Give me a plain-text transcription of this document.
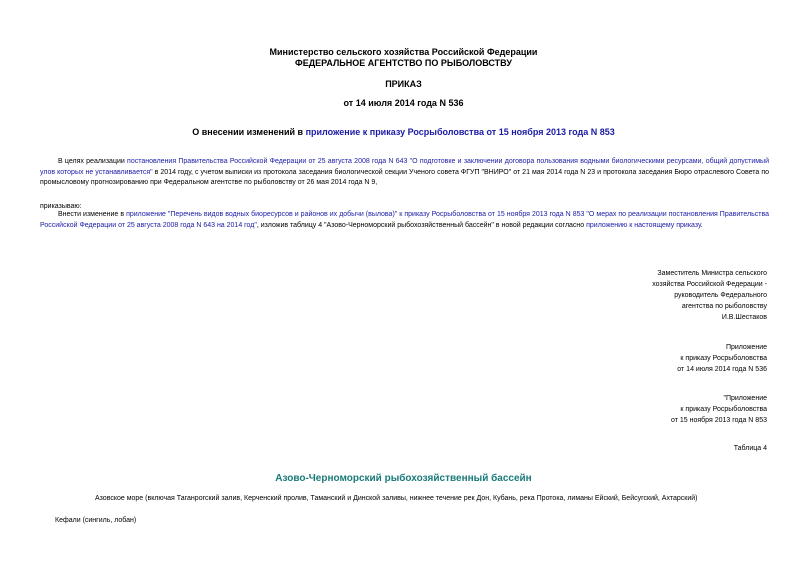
Министерство сельского хозяйства Российской Федерации
ФЕДЕРАЛЬНОЕ АГЕНТСТВО ПО РЫБОЛОВСТВУ
ПРИКАЗ
от 14 июля 2014 года N 536
О внесении изменений в приложение к приказу Росрыболовства от 15 ноября 2013 года N 853
В целях реализации постановления Правительства Российской Федерации от 25 августа 2008 года N 643 "О подготовке и заключении договора пользования водными биологическими ресурсами, общий допустимый улов которых не устанавливается" в 2014 году, с учетом выписки из протокола заседания биологической секции Ученого совета ФГУП "ВНИРО" от 21 мая 2014 года N 23 и протокола заседания Бюро отраслевого Совета по промысловому прогнозированию при Федеральном агентстве по рыболовству от 26 мая 2014 года N 9,
приказываю:
Внести изменение в приложение "Перечень видов водных биоресурсов и районов их добычи (вылова)" к приказу Росрыболовства от 15 ноября 2013 года N 853 "О мерах по реализации постановления Правительства Российской Федерации от 25 августа 2008 года N 643 на 2014 год", изложив таблицу 4 "Азово-Черноморский рыбохозяйственный бассейн" в новой редакции согласно приложению к настоящему приказу.
Заместитель Министра сельского
хозяйства Российской Федерации -
руководитель Федерального
агентства по рыболовству
И.В.Шестаков
Приложение
к приказу Росрыболовства
от 14 июля 2014 года N 536
"Приложение
к приказу Росрыболовства
от 15 ноября 2013 года N 853
Таблица 4
Азово-Черноморский рыбохозяйственный бассейн
Азовское море (включая Таганрогский залив, Керченский пролив, Таманский и Динской заливы, нижнее течение рек Дон, Кубань, река Протока, лиманы Ейский, Бейсугский, Ахтарский)
Кефали (сингиль, лобан)
